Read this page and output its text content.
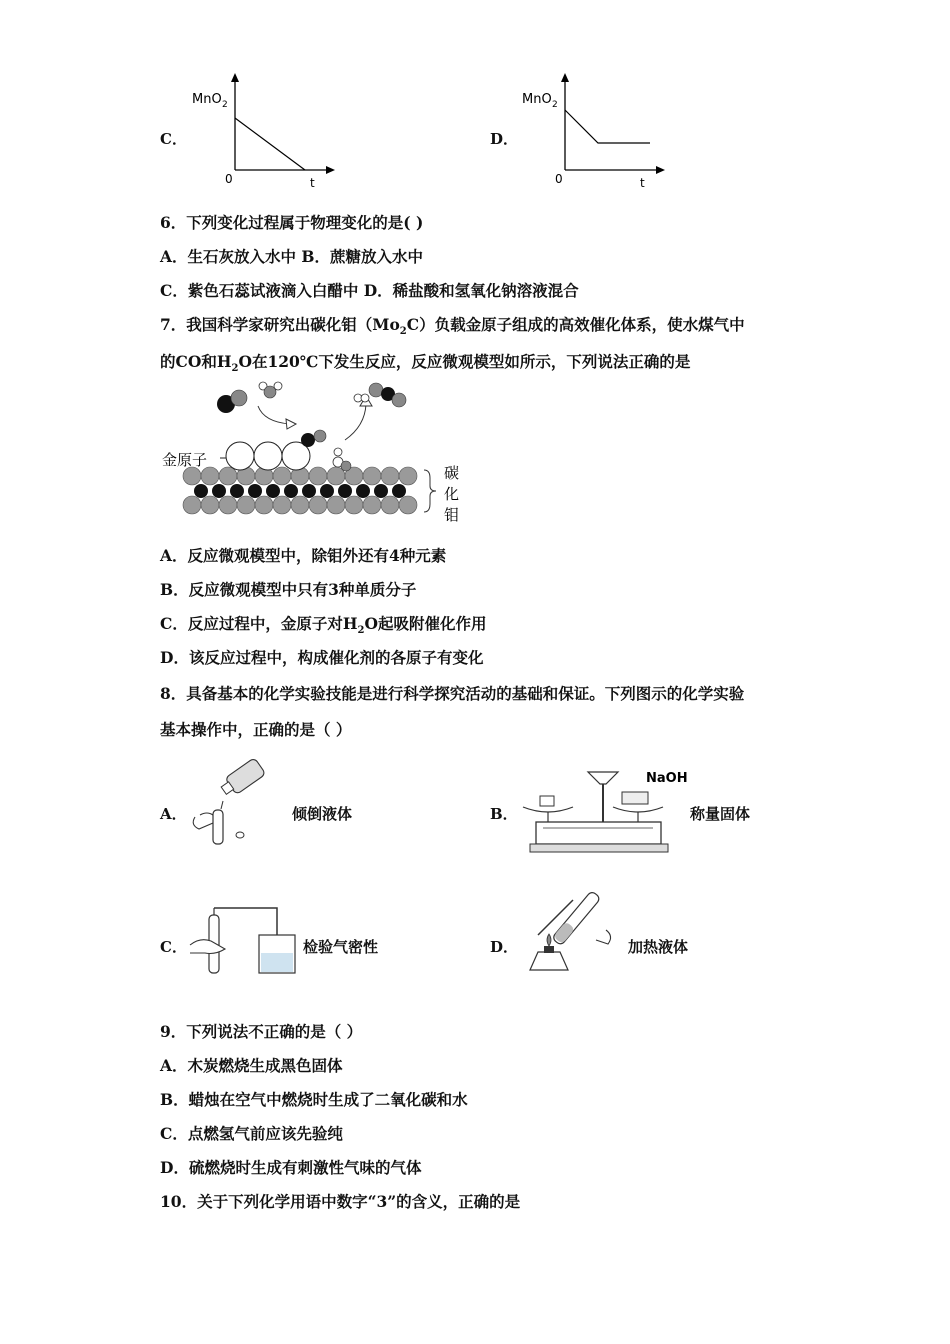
C．
MnO 2
0	t
D．
MnO 2
0	t
6．下列变化过程属于物理变化的是( )
A．生石灰放入水中 B．蔗糖放入水中
C．紫色石蕊试液滴入白醋中 D．稀盐酸和氢氧化钠溶液混合
7．我国科学家研究出碳化钼$(Mo_2C)$负载金原子组成的高效催化体系，使水煤气中
的CO和$H_2O$在120℃下发生反应，反应微观模型如所示，下列说法正确的是
金原子
碳
化
钼
A．反应微观模型中，除钼外还有4种元素
B．反应微观模型中只有3种单质分子
C．反应过程中，金原子对$H_2O$起吸附催化作用
D．该反应过程中，构成催化剂的各原子有变化
8．具备基本的化学实验技能是进行科学探究活动的基础和保证。下列图示的化学实验
基本操作中，正确的是（ ）
A．	倾倒液体	B．
NaOH
称量固体
C．	检验气密性	D．	加热液体
9．下列说法不正确的是（ ）
A．木炭燃烧生成黑色固体
B．蜡烛在空气中燃烧时生成了二氧化碳和水
C．点燃氢气前应该先验纯
D．硫燃烧时生成有刺激性气味的气体
10．关于下列化学用语中数字“3”的含义，正确的是
